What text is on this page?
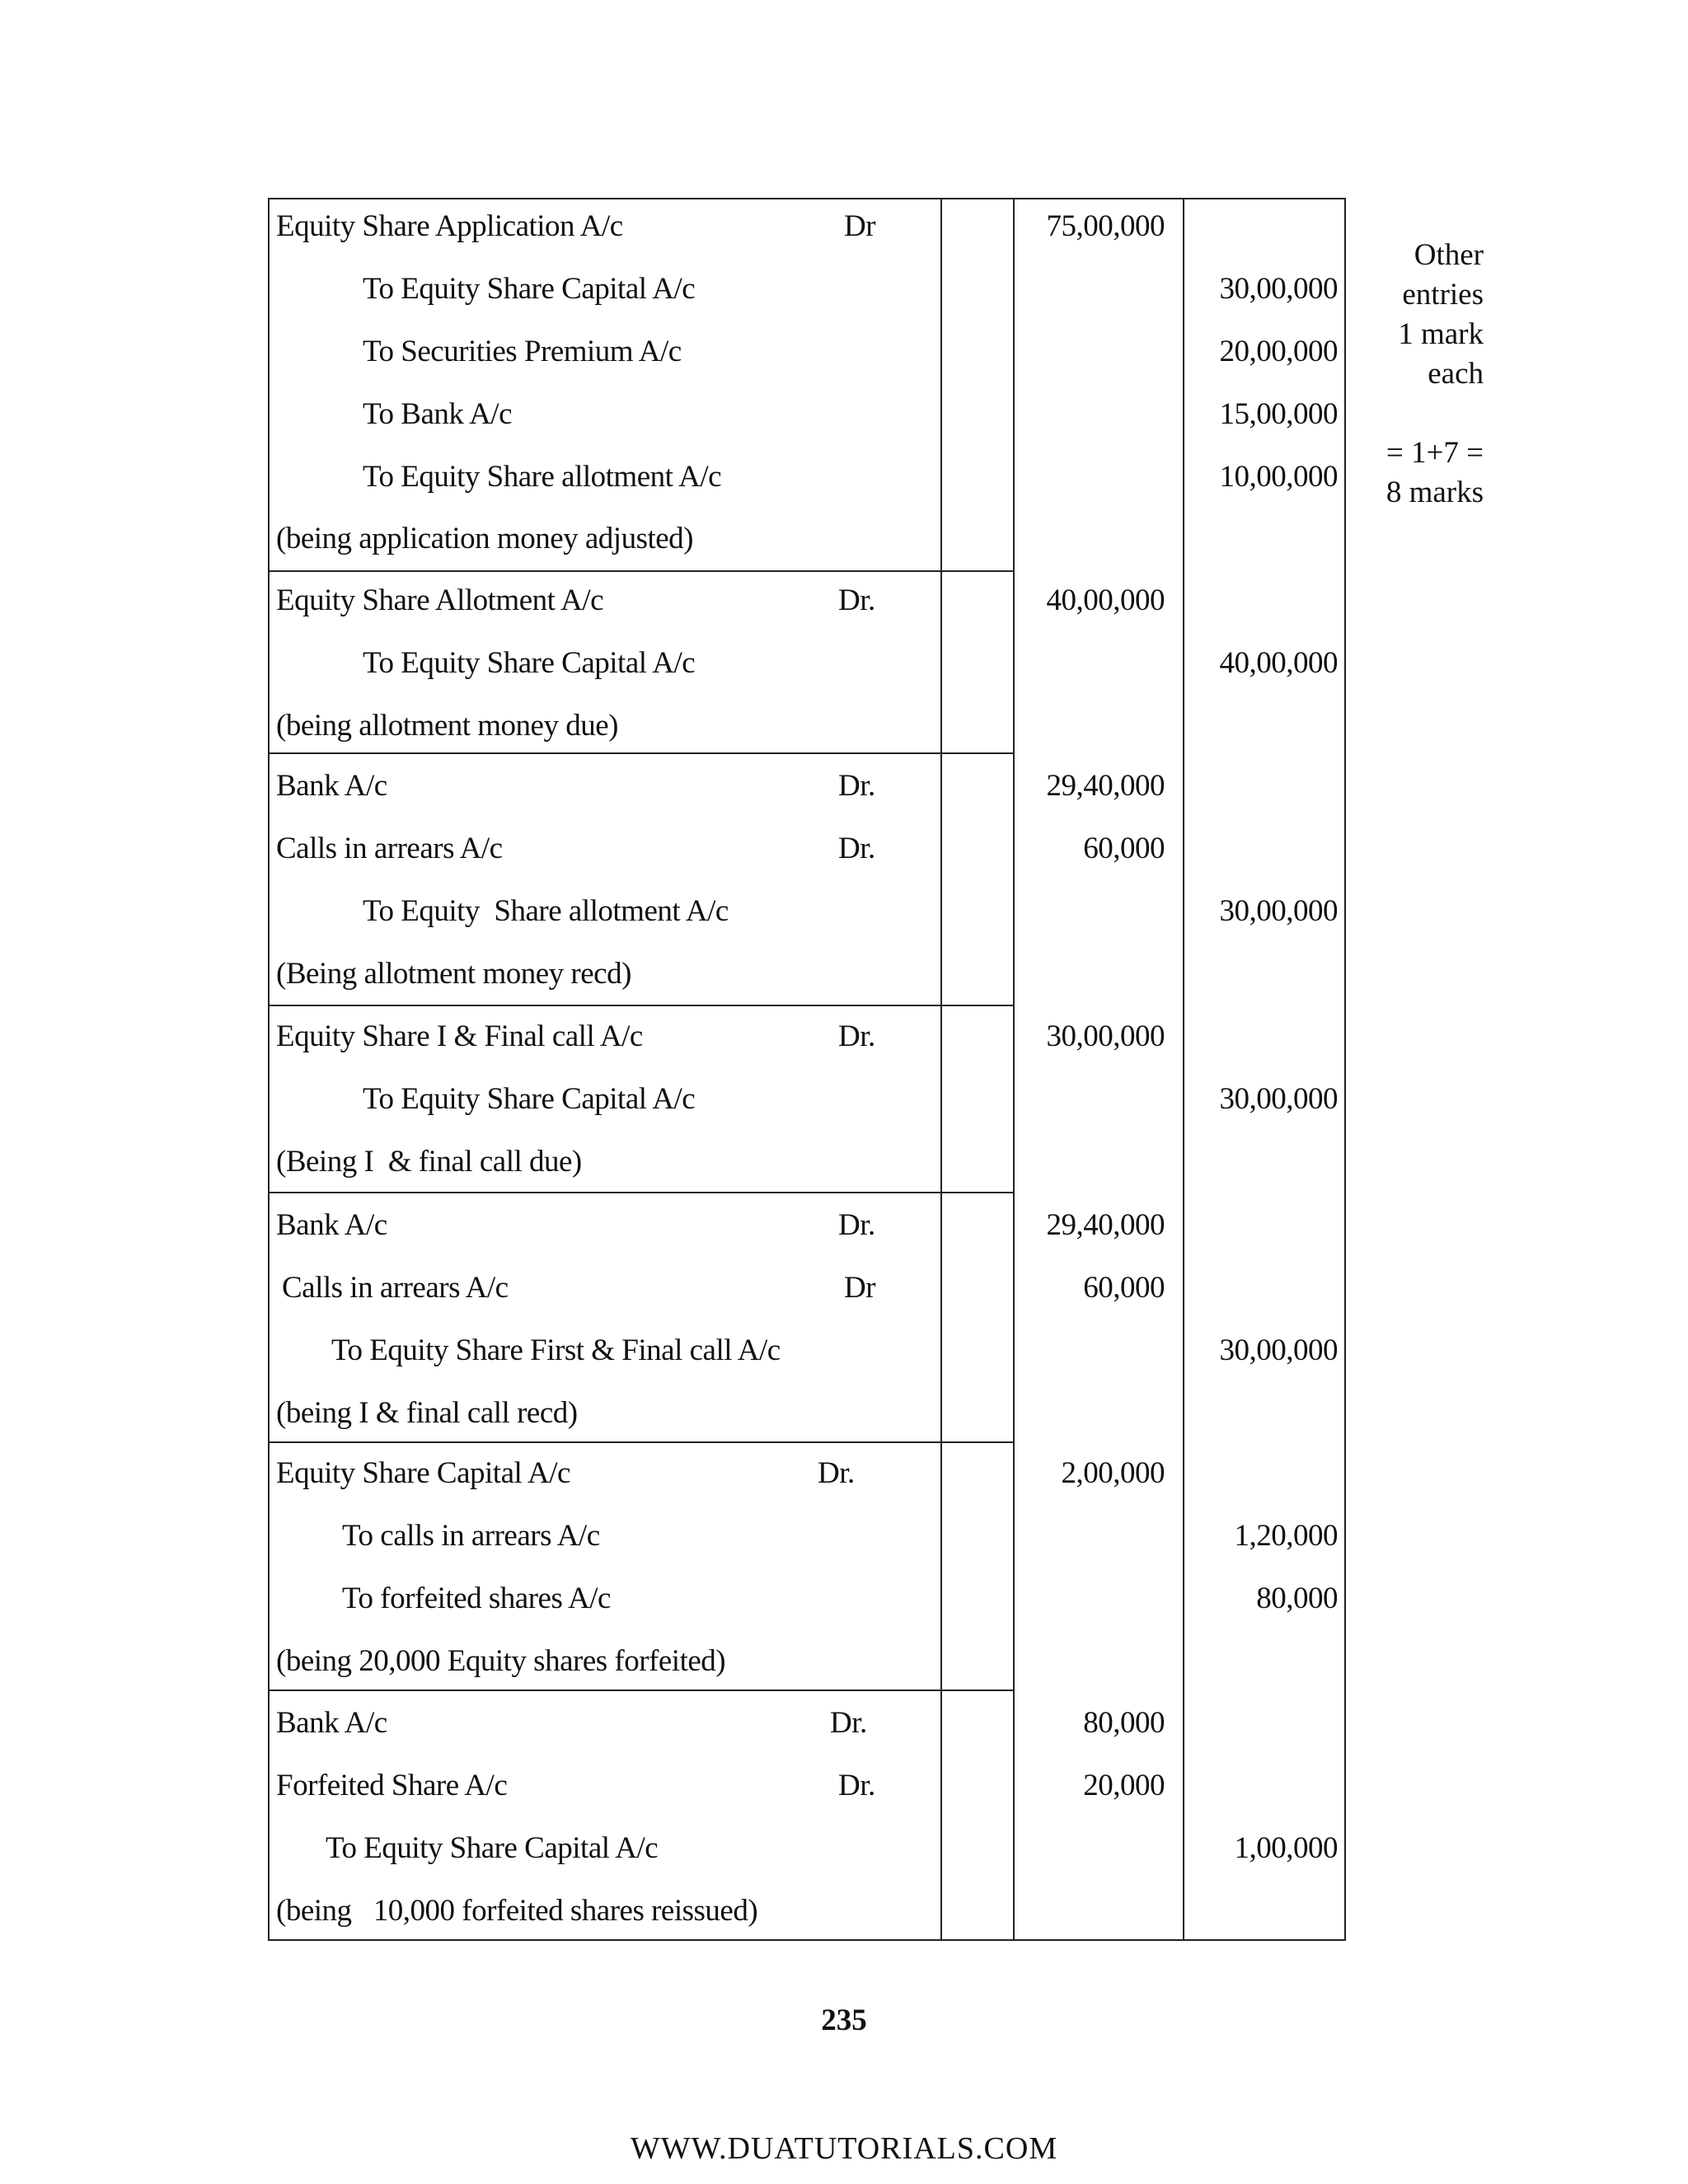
Equity Share Application A/c	Dr	75,00,000
To Equity Share Capital A/c	30,00,000
To Securities Premium A/c	20,00,000
To Bank A/c	15,00,000
To Equity Share allotment A/c	10,00,000
(being application money adjusted)
Equity Share Allotment A/c	Dr.	40,00,000
To Equity Share Capital A/c	40,00,000
(being allotment money due)
Bank A/c	Dr.	29,40,000
Calls in arrears A/c	Dr.	60,000
To Equity  Share allotment A/c	30,00,000
(Being allotment money recd)
Equity Share I & Final call A/c	Dr.	30,00,000
To Equity Share Capital A/c	30,00,000
(Being I  & final call due)
Bank A/c	Dr.	29,40,000
Calls in arrears A/c	Dr	60,000
To Equity Share First & Final call A/c	30,00,000
(being I & final call recd)
Equity Share Capital A/c	Dr.	2,00,000
To calls in arrears A/c	1,20,000
To forfeited shares A/c	80,000
(being 20,000 Equity shares forfeited)
Bank A/c	Dr.	80,000
Forfeited Share A/c	Dr.	20,000
To Equity Share Capital A/c	1,00,000
(being   10,000 forfeited shares reissued)
Other
entries
1 mark
each

= 1+7 =
8 marks
235
WWW.DUATUTORIALS.COM
